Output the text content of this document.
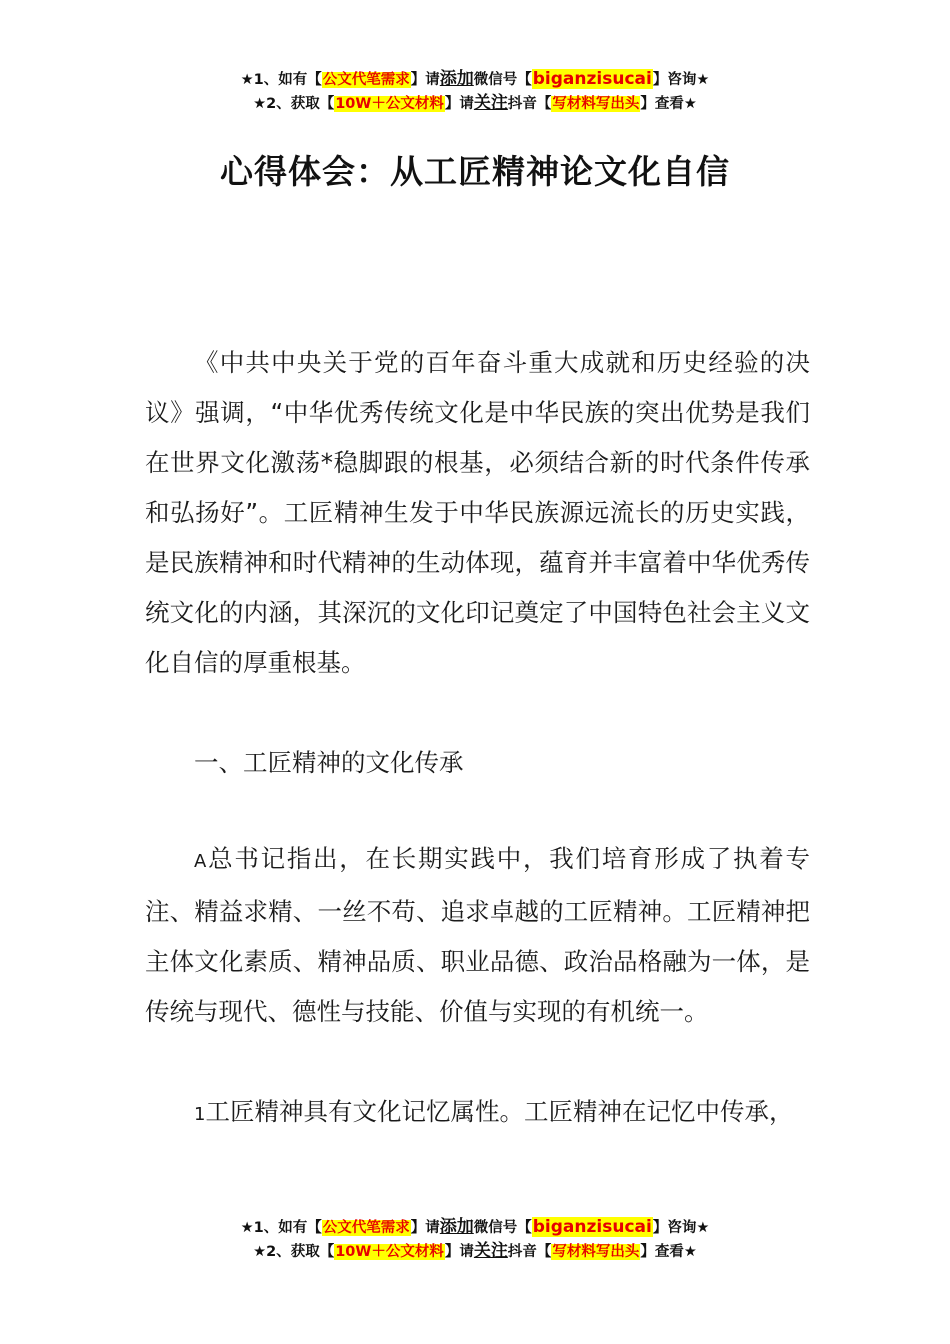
★1、如有【公文代笔需求】请添加微信号【biganzisucai】咨询★
★2、获取【10W＋公文材料】请关注抖音【写材料写出头】查看★
心得体会：从工匠精神论文化自信

《中共中央关于党的百年奋斗重大成就和历史经验的决议》强调，“中华优秀传统文化是中华民族的突出优势是我们在世界文化激荡*稳脚跟的根基，必须结合新的时代条件传承和弘扬好”。工匠精神生发于中华民族源远流长的历史实践，是民族精神和时代精神的生动体现，蕴育并丰富着中华优秀传统文化的内涵，其深沉的文化印记奠定了中国特色社会主义文化自信的厚重根基。

一、工匠精神的文化传承

A总书记指出，在长期实践中，我们培育形成了执着专注、精益求精、一丝不苟、追求卓越的工匠精神。工匠精神把主体文化素质、精神品质、职业品德、政治品格融为一体，是传统与现代、德性与技能、价值与实现的有机统一。

1工匠精神具有文化记忆属性。工匠精神在记忆中传承，

★1、如有【公文代笔需求】请添加微信号【biganzisucai】咨询★
★2、获取【10W＋公文材料】请关注抖音【写材料写出头】查看★
